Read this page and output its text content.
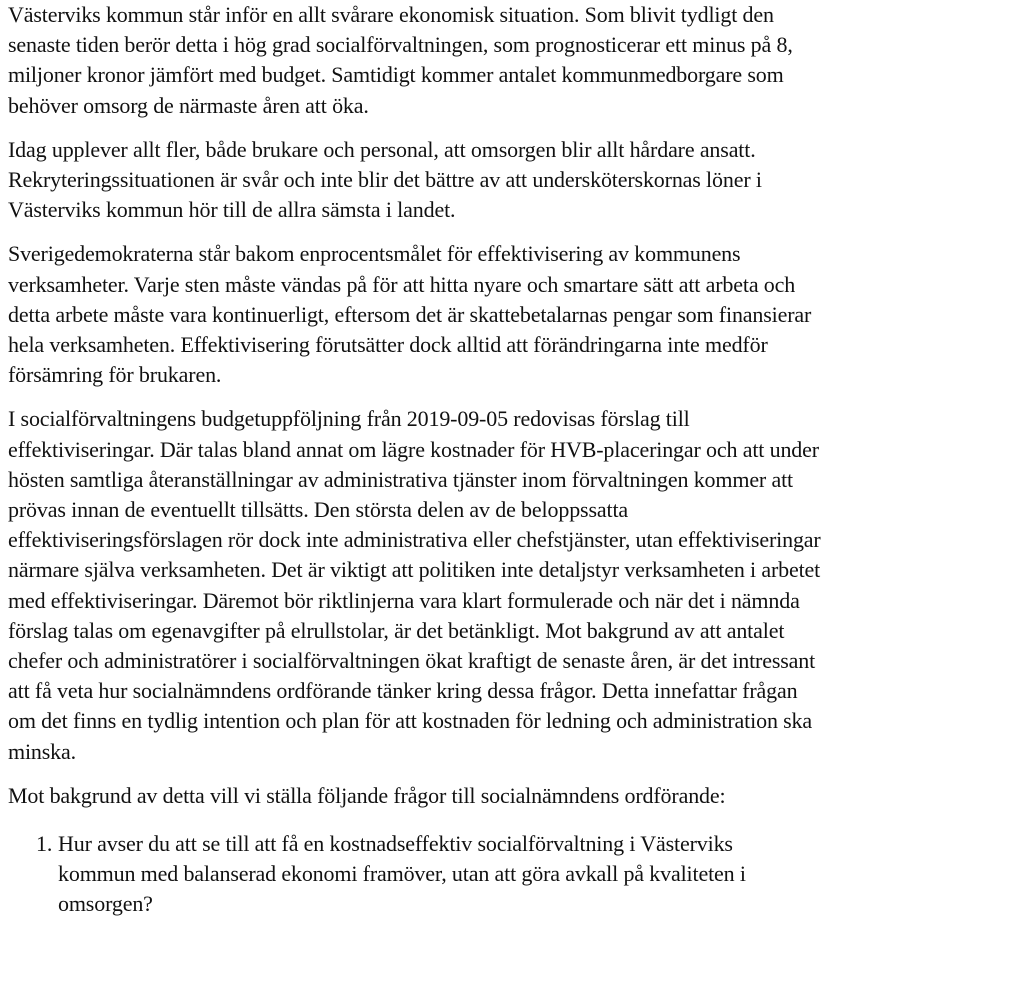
Västerviks kommun står inför en allt svårare ekonomisk situation. Som blivit tydligt den
senaste tiden berör detta i hög grad socialförvaltningen, som prognosticerar ett minus på 8,
miljoner kronor jämfört med budget. Samtidigt kommer antalet kommunmedborgare som
behöver omsorg de närmaste åren att öka.
Idag upplever allt fler, både brukare och personal, att omsorgen blir allt hårdare ansatt.
Rekryteringssituationen är svår och inte blir det bättre av att undersköterskornas löner i
Västerviks kommun hör till de allra sämsta i landet.
Sverigedemokraterna står bakom enprocentsmålet för effektivisering av kommunens
verksamheter. Varje sten måste vändas på för att hitta nyare och smartare sätt att arbeta och
detta arbete måste vara kontinuerligt, eftersom det är skattebetalarnas pengar som finansierar
hela verksamheten. Effektivisering förutsätter dock alltid att förändringarna inte medför
försämring för brukaren.
I socialförvaltningens budgetuppföljning från 2019-09-05 redovisas förslag till
effektiviseringar. Där talas bland annat om lägre kostnader för HVB-placeringar och att under
hösten samtliga återanställningar av administrativa tjänster inom förvaltningen kommer att
prövas innan de eventuellt tillsätts. Den största delen av de beloppssatta
effektiviseringsförslagen rör dock inte administrativa eller chefstjänster, utan effektiviseringar
närmare själva verksamheten. Det är viktigt att politiken inte detaljstyr verksamheten i arbetet
med effektiviseringar. Däremot bör riktlinjerna vara klart formulerade och när det i nämnda
förslag talas om egenavgifter på elrullstolar, är det betänkligt. Mot bakgrund av att antalet
chefer och administratörer i socialförvaltningen ökat kraftigt de senaste åren, är det intressant
att få veta hur socialnämndens ordförande tänker kring dessa frågor. Detta innefattar frågan
om det finns en tydlig intention och plan för att kostnaden för ledning och administration ska
minska.
Mot bakgrund av detta vill vi ställa följande frågor till socialnämndens ordförande:
1. Hur avser du att se till att få en kostnadseffektiv socialförvaltning i Västerviks
kommun med balanserad ekonomi framöver, utan att göra avkall på kvaliteten i
omsorgen?
